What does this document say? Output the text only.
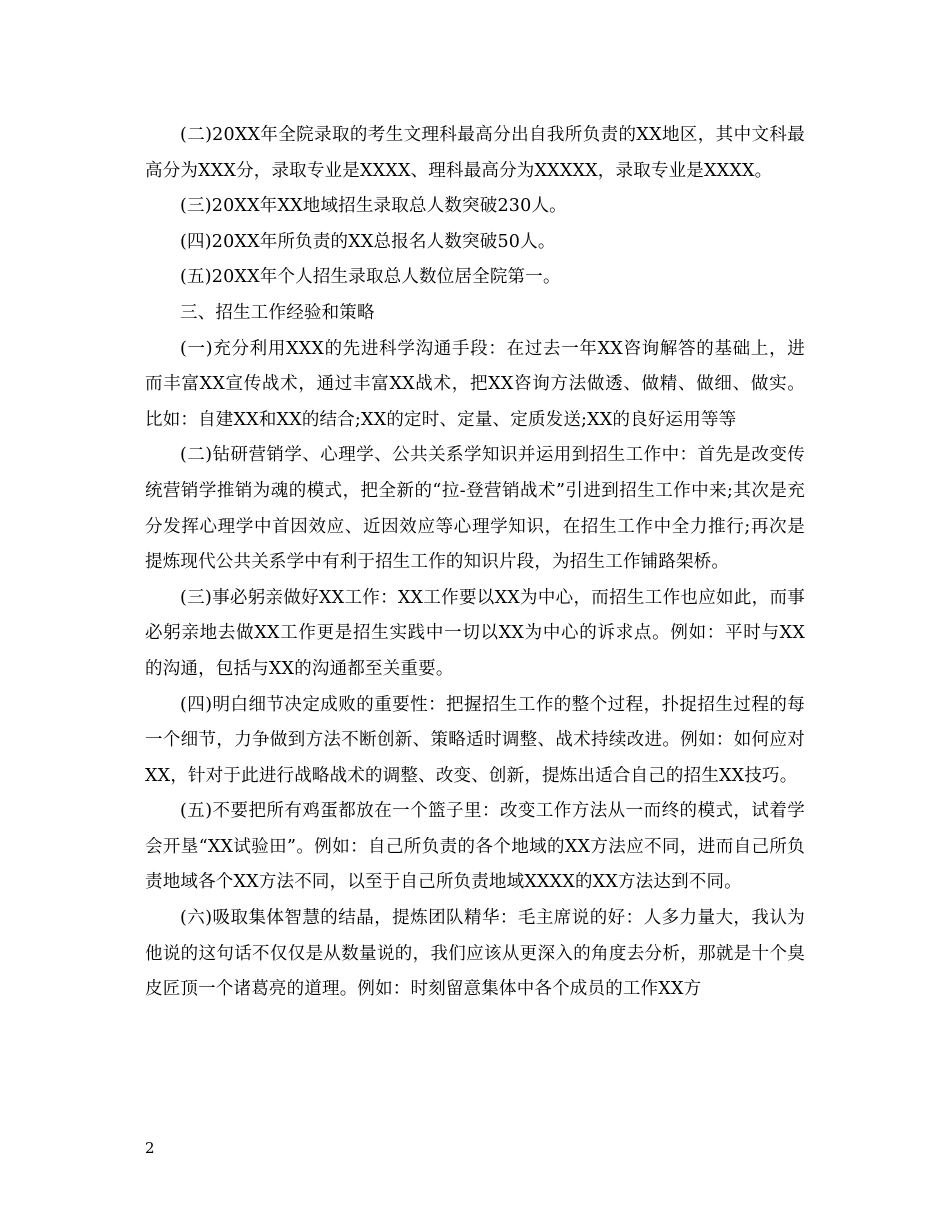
(二)20XX年全院录取的考生文理科最高分出自我所负责的XX地区，其中文科最高分为XXX分，录取专业是XXXX、理科最高分为XXXXX，录取专业是XXXX。

(三)20XX年XX地域招生录取总人数突破230人。

(四)20XX年所负责的XX总报名人数突破50人。

(五)20XX年个人招生录取总人数位居全院第一。

三、招生工作经验和策略

(一)充分利用XXX的先进科学沟通手段：在过去一年XX咨询解答的基础上，进而丰富XX宣传战术，通过丰富XX战术，把XX咨询方法做透、做精、做细、做实。比如：自建XX和XX的结合;XX的定时、定量、定质发送;XX的良好运用等等

(二)钻研营销学、心理学、公共关系学知识并运用到招生工作中：首先是改变传统营销学推销为魂的模式，把全新的“拉-登营销战术”引进到招生工作中来;其次是充分发挥心理学中首因效应、近因效应等心理学知识，在招生工作中全力推行;再次是提炼现代公共关系学中有利于招生工作的知识片段，为招生工作铺路架桥。

(三)事必躬亲做好XX工作：XX工作要以XX为中心，而招生工作也应如此，而事必躬亲地去做XX工作更是招生实践中一切以XX为中心的诉求点。例如：平时与XX的沟通，包括与XX的沟通都至关重要。

(四)明白细节决定成败的重要性：把握招生工作的整个过程，扑捉招生过程的每一个细节，力争做到方法不断创新、策略适时调整、战术持续改进。例如：如何应对XX，针对于此进行战略战术的调整、改变、创新，提炼出适合自己的招生XX技巧。

(五)不要把所有鸡蛋都放在一个篮子里：改变工作方法从一而终的模式，试着学会开垦“XX试验田”。例如：自己所负责的各个地域的XX方法应不同，进而自己所负责地域各个XX方法不同，以至于自己所负责地域XXXX的XX方法达到不同。

(六)吸取集体智慧的结晶，提炼团队精华：毛主席说的好：人多力量大，我认为他说的这句话不仅仅是从数量说的，我们应该从更深入的角度去分析，那就是十个臭皮匠顶一个诸葛亮的道理。例如：时刻留意集体中各个成员的工作XX方

2
